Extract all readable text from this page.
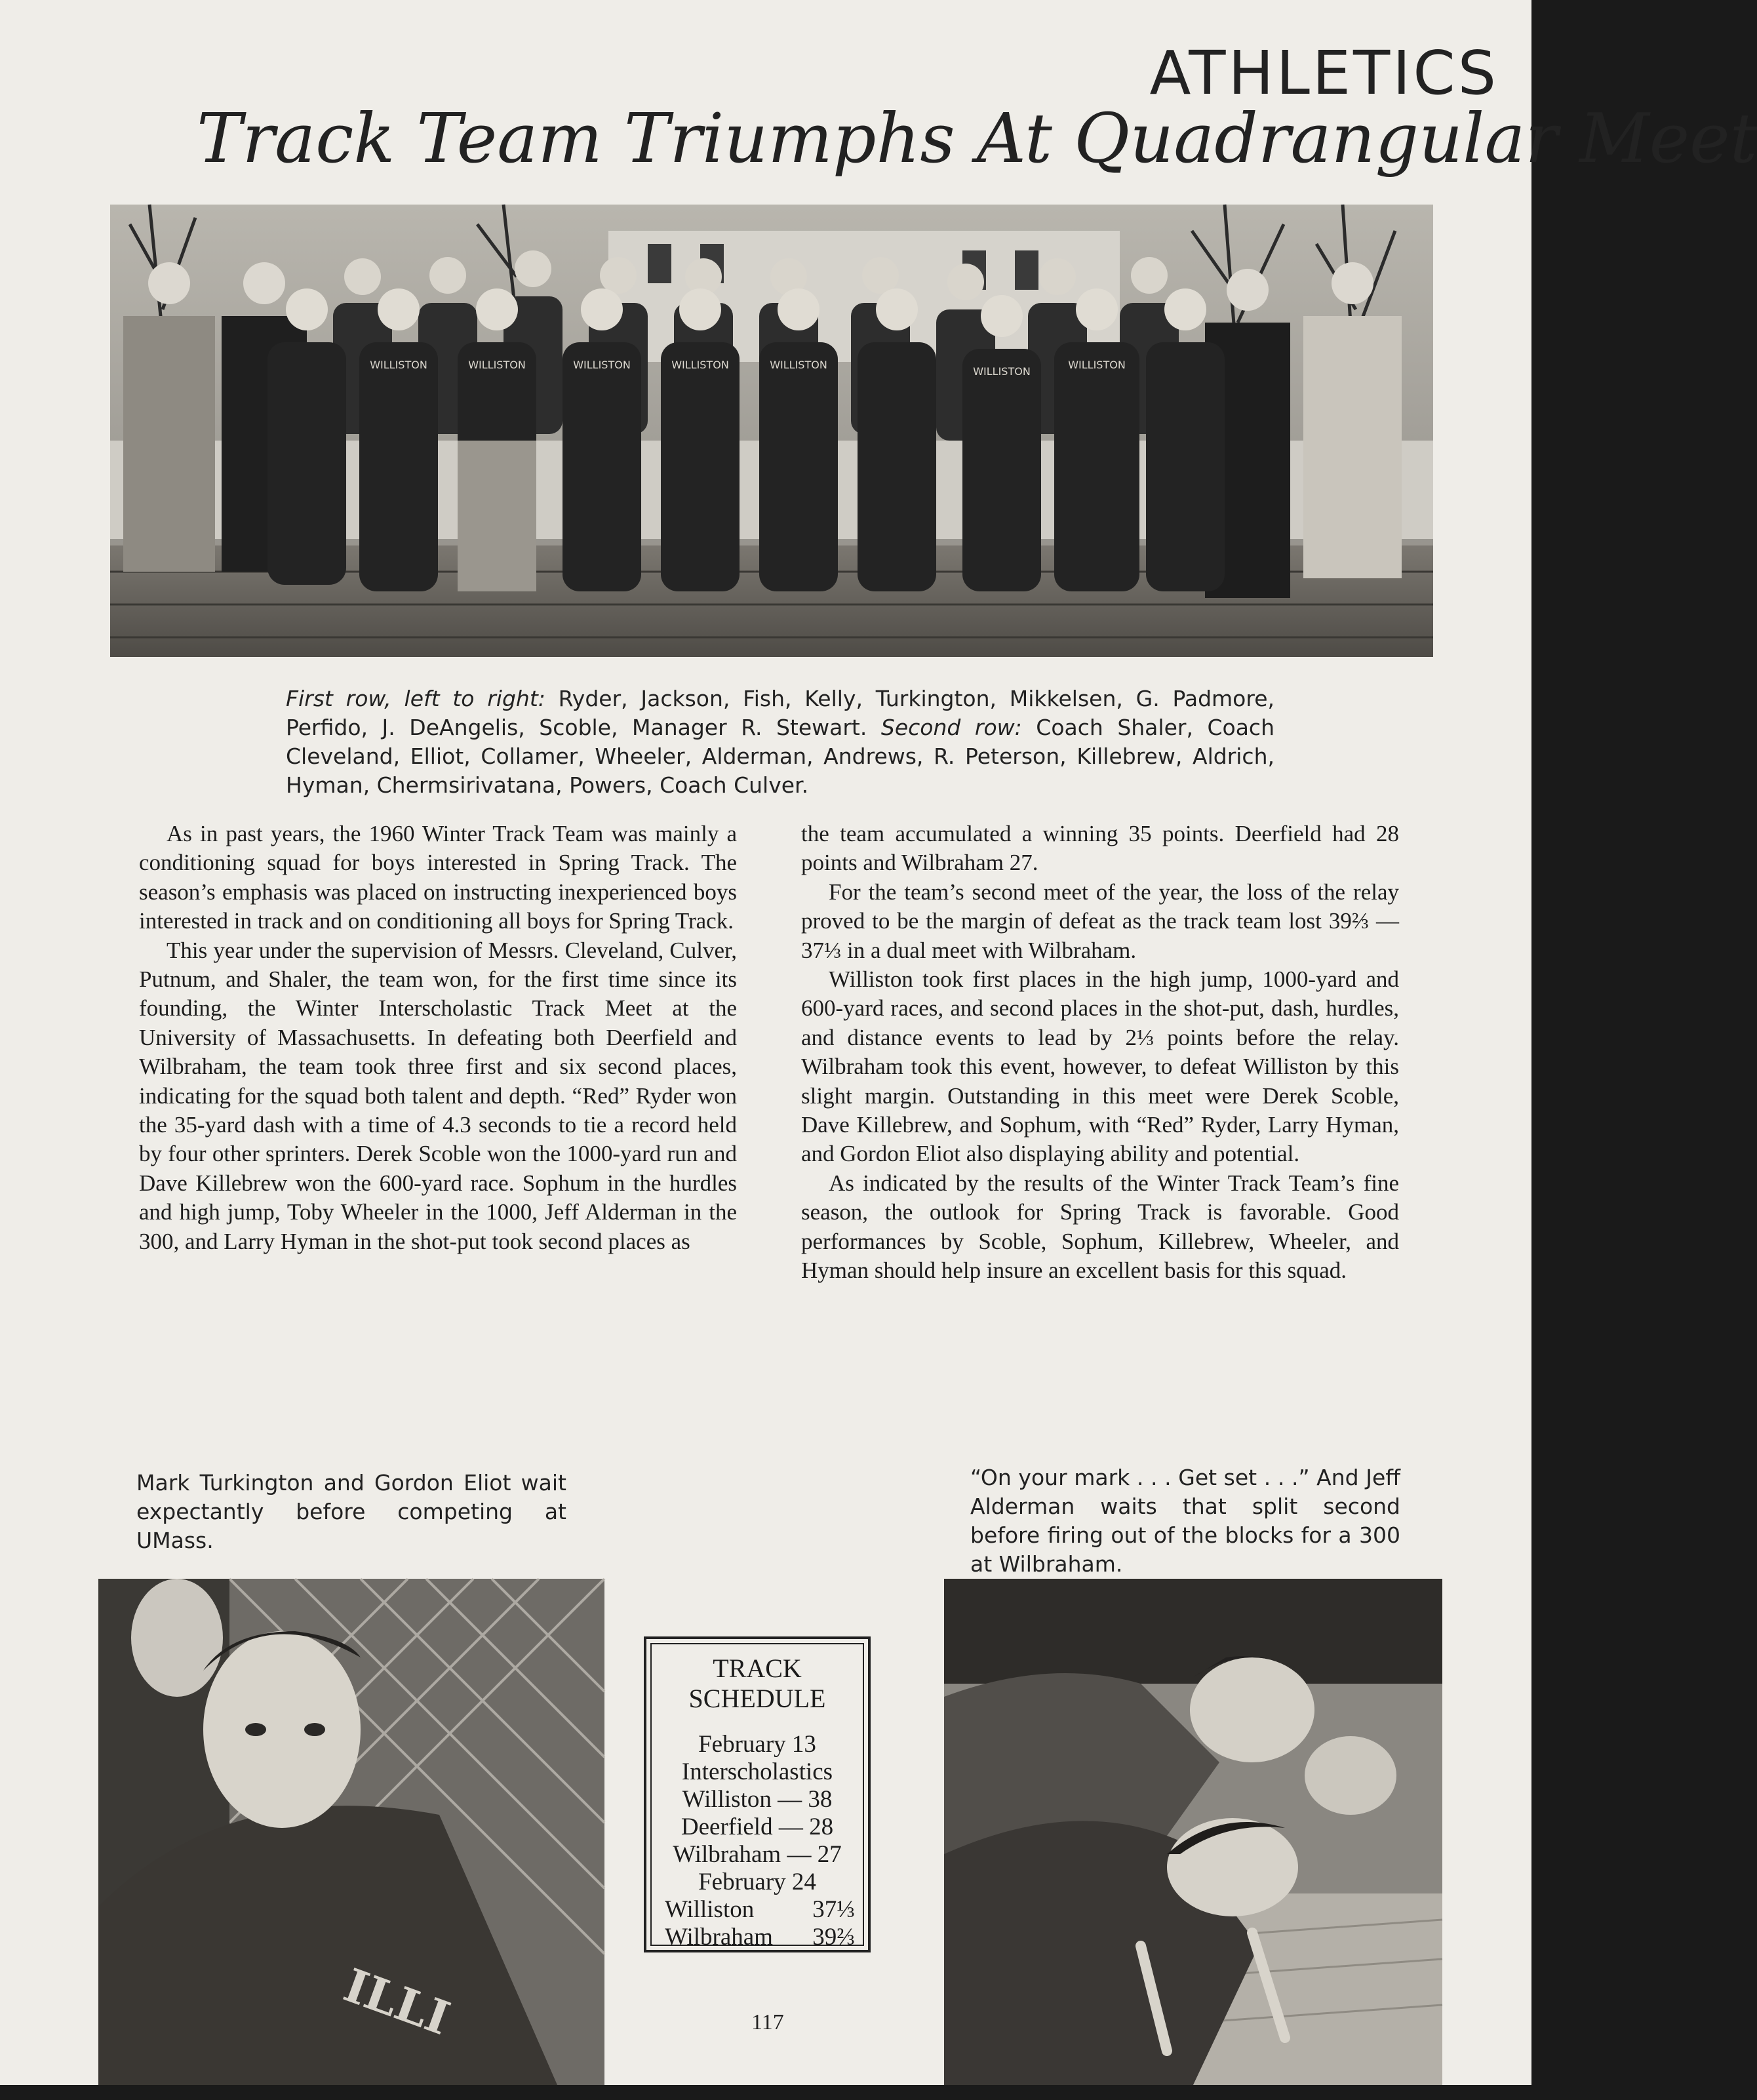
ATHLETICS
Track Team Triumphs At Quadrangular Meet
WILLISTON	WILLISTON	WILLISTON	WILLISTON	WILLISTON
WILLISTON
WILLISTON
First row, left to right: Ryder, Jackson, Fish, Kelly, Turkington, Mikkelsen, G. Padmore, Perfido, J. DeAngelis, Scoble, Manager R. Stewart. Second row: Coach Shaler, Coach Cleveland, Elliot, Collamer, Wheeler, Alderman, Andrews, R. Peterson, Killebrew, Aldrich, Hyman, Chermsirivatana, Powers, Coach Culver.

As in past years, the 1960 Winter Track Team was mainly a conditioning squad for boys interested in Spring Track. The season’s emphasis was placed on instructing inexperienced boys interested in track and on conditioning all boys for Spring Track.

This year under the supervision of Messrs. Cleveland, Culver, Putnum, and Shaler, the team won, for the first time since its founding, the Winter Interscholastic Track Meet at the University of Massachusetts. In defeating both Deerfield and Wilbraham, the team took three first and six second places, indicating for the squad both talent and depth. “Red” Ryder won the 35-yard dash with a time of 4.3 seconds to tie a record held by four other sprinters. Derek Scoble won the 1000-yard run and Dave Killebrew won the 600-yard race. Sophum in the hurdles and high jump, Toby Wheeler in the 1000, Jeff Alderman in the 300, and Larry Hyman in the shot-put took second places as

the team accumulated a winning 35 points. Deerfield had 28 points and Wilbraham 27.

For the team’s second meet of the year, the loss of the relay proved to be the margin of defeat as the track team lost 39⅔ — 37⅓ in a dual meet with Wilbraham.

Williston took first places in the high jump, 1000-yard and 600-yard races, and second places in the shot-put, dash, hurdles, and distance events to lead by 2⅓ points before the relay. Wilbraham took this event, however, to defeat Williston by this slight margin. Outstanding in this meet were Derek Scoble, Dave Killebrew, and Sophum, with “Red” Ryder, Larry Hyman, and Gordon Eliot also displaying ability and potential.

As indicated by the results of the Winter Track Team’s fine season, the outlook for Spring Track is favorable. Good performances by Scoble, Sophum, Killebrew, Wheeler, and Hyman should help insure an excellent basis for this squad.

Mark Turkington and Gordon Eliot wait expectantly before competing at UMass.
“On your mark . . . Get set . . .” And Jeff Alderman waits that split second before firing out of the blocks for a 300 at Wilbraham.
ILLI
TRACK
SCHEDULE
February 13
Interscholastics
Williston — 38
Deerfield — 28
Wilbraham — 27
February 24
Williston 37⅓
Wilbraham 39⅔
117
